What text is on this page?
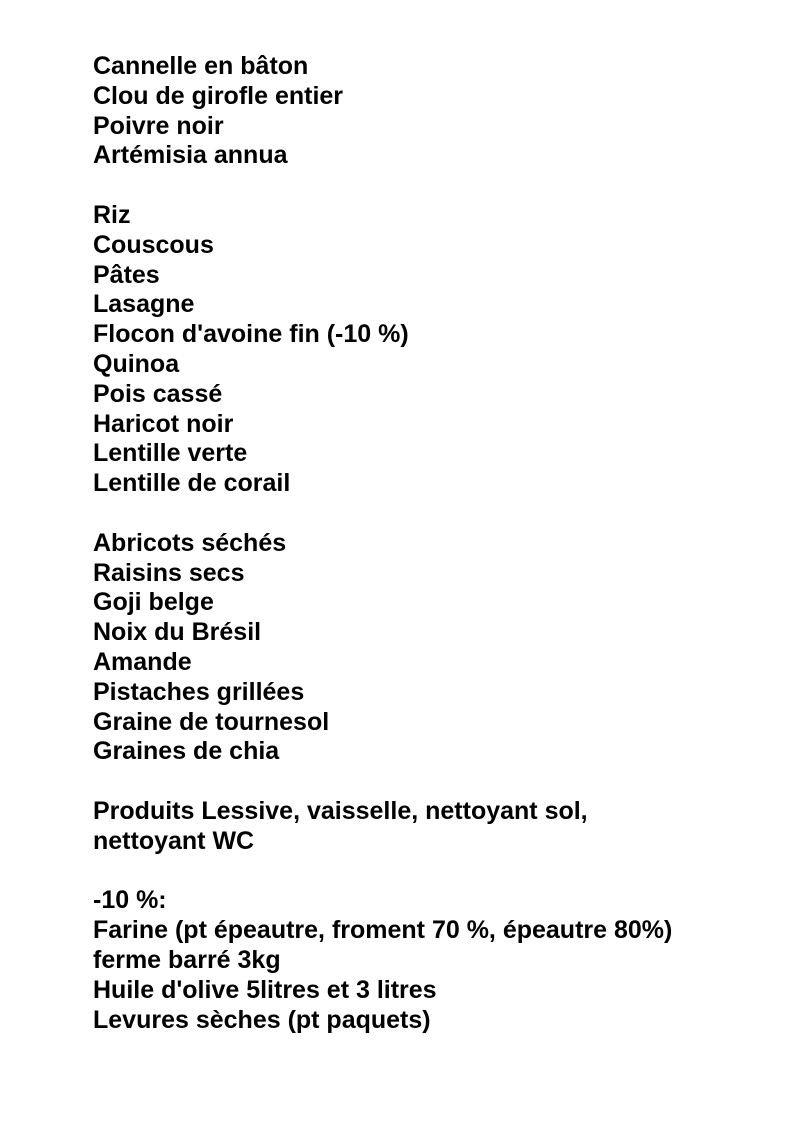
Cannelle en bâton
Clou de girofle entier
Poivre noir
Artémisia annua
Riz
Couscous
Pâtes
Lasagne
Flocon d'avoine fin (-10 %)
Quinoa
Pois cassé
Haricot noir
Lentille verte
Lentille de corail
Abricots séchés
Raisins secs
Goji belge
Noix du Brésil
Amande
Pistaches grillées
Graine de tournesol
Graines de chia
Produits Lessive, vaisselle, nettoyant sol,
nettoyant WC
-10 %:
Farine (pt épeautre, froment 70 %, épeautre 80%)
ferme barré 3kg
Huile d'olive 5litres et 3 litres
Levures sèches (pt paquets)
